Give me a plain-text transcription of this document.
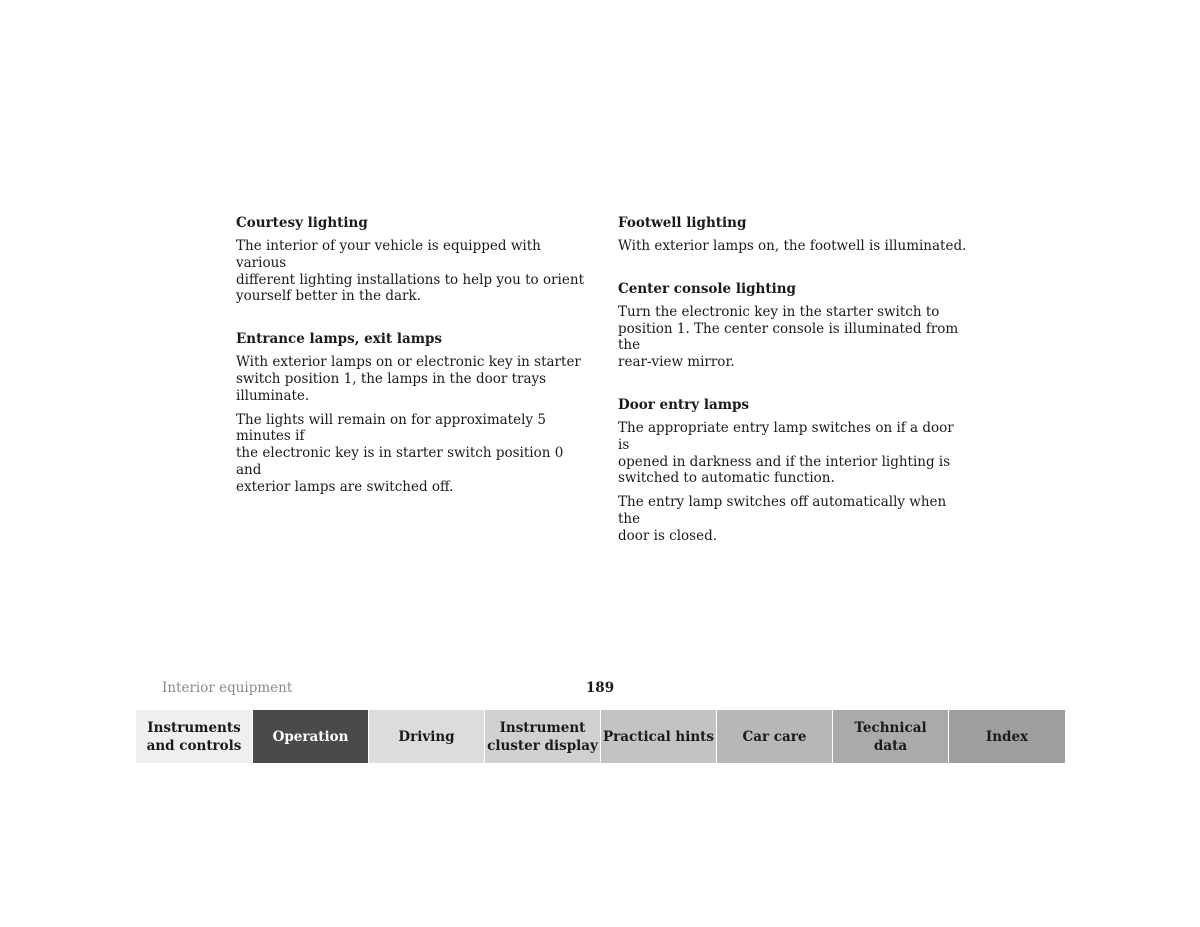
Courtesy lighting
The interior of your vehicle is equipped with various
different lighting installations to help you to orient
yourself better in the dark.
Entrance lamps, exit lamps
With exterior lamps on or electronic key in starter
switch position 1, the lamps in the door trays illuminate.
The lights will remain on for approximately 5 minutes if
the electronic key is in starter switch position 0 and
exterior lamps are switched off.
Footwell lighting
With exterior lamps on, the footwell is illuminated.
Center console lighting
Turn the electronic key in the starter switch to
position 1. The center console is illuminated from the
rear-view mirror.
Door entry lamps
The appropriate entry lamp switches on if a door is
opened in darkness and if the interior lighting is
switched to automatic function.
The entry lamp switches off automatically when the
door is closed.
Interior equipment	189
Instruments
and controls
Operation	Driving
Instrument
cluster display
Practical hints	Car care
Technical
data
Index
